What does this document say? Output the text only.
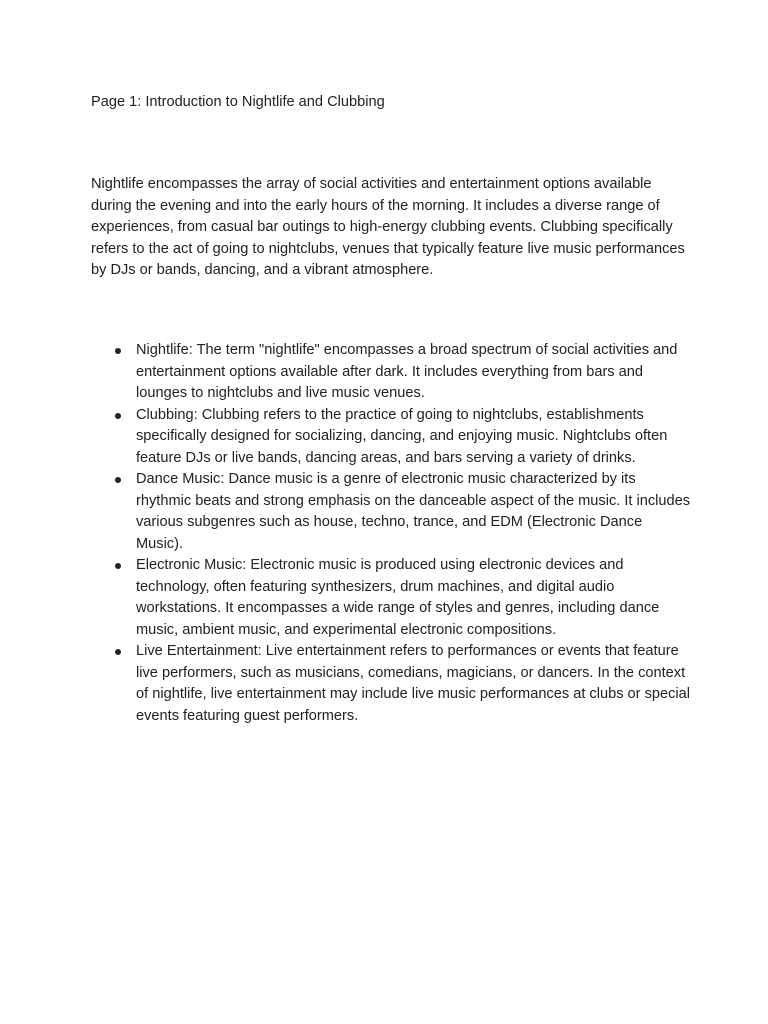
Page 1: Introduction to Nightlife and Clubbing

Nightlife encompasses the array of social activities and entertainment options available during the evening and into the early hours of the morning. It includes a diverse range of experiences, from casual bar outings to high-energy clubbing events. Clubbing specifically refers to the act of going to nightclubs, venues that typically feature live music performances by DJs or bands, dancing, and a vibrant atmosphere.

Nightlife: The term "nightlife" encompasses a broad spectrum of social activities and entertainment options available after dark. It includes everything from bars and lounges to nightclubs and live music venues.
Clubbing: Clubbing refers to the practice of going to nightclubs, establishments specifically designed for socializing, dancing, and enjoying music. Nightclubs often feature DJs or live bands, dancing areas, and bars serving a variety of drinks.
Dance Music: Dance music is a genre of electronic music characterized by its rhythmic beats and strong emphasis on the danceable aspect of the music. It includes various subgenres such as house, techno, trance, and EDM (Electronic Dance Music).
Electronic Music: Electronic music is produced using electronic devices and technology, often featuring synthesizers, drum machines, and digital audio workstations. It encompasses a wide range of styles and genres, including dance music, ambient music, and experimental electronic compositions.
Live Entertainment: Live entertainment refers to performances or events that feature live performers, such as musicians, comedians, magicians, or dancers. In the context of nightlife, live entertainment may include live music performances at clubs or special events featuring guest performers.
